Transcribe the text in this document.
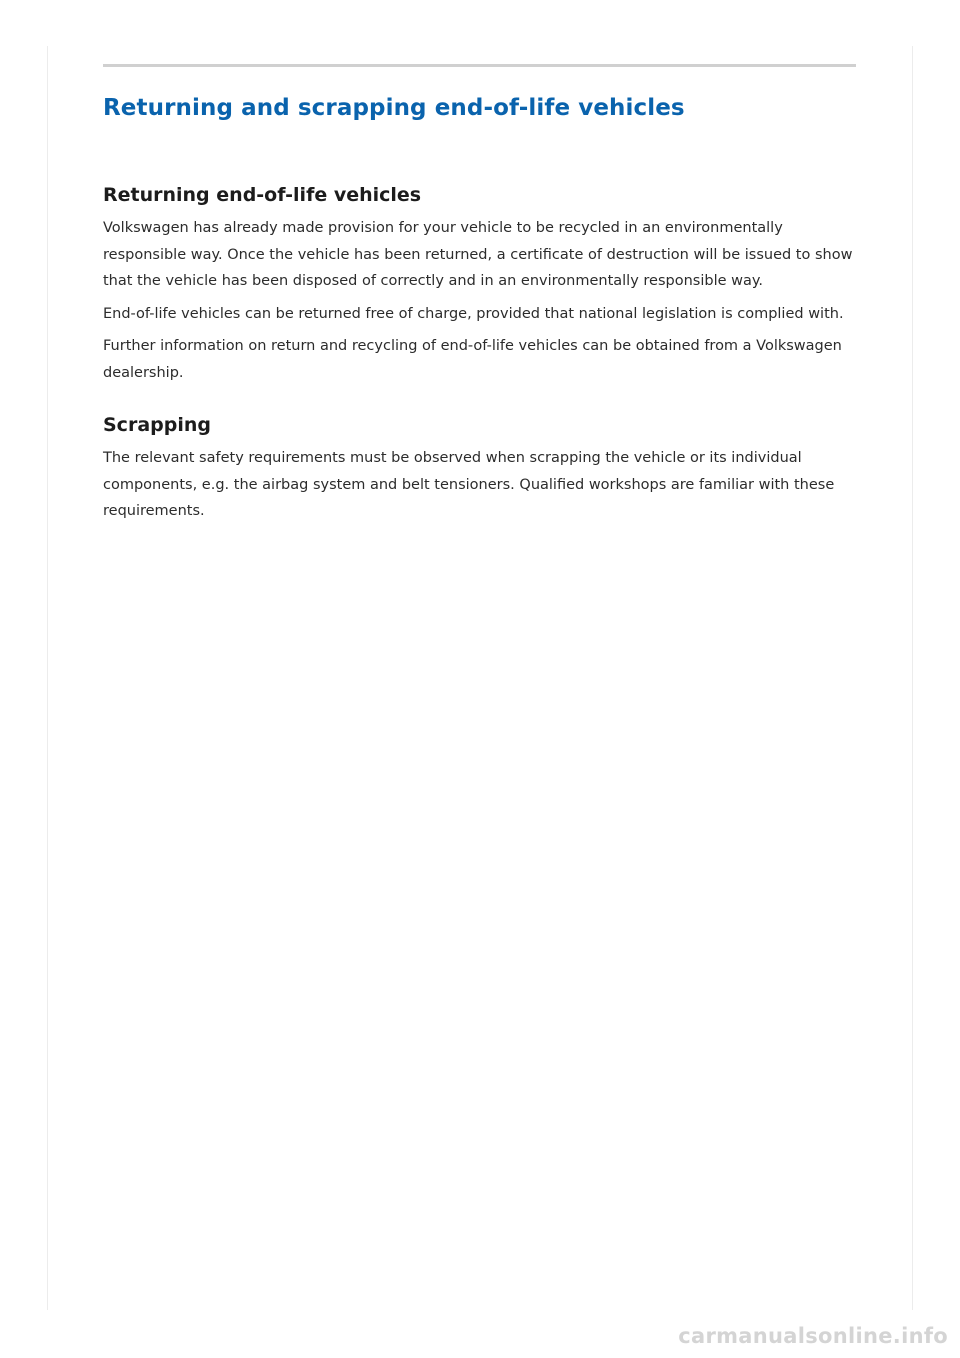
Returning and scrapping end-of-life vehicles
Returning end-of-life vehicles

Volkswagen has already made provision for your vehicle to be recycled in an environmentally responsible way. Once the vehicle has been returned, a certificate of destruction will be issued to show that the vehicle has been disposed of correctly and in an environmentally responsible way.

End-of-life vehicles can be returned free of charge, provided that national legislation is complied with.

Further information on return and recycling of end-of-life vehicles can be obtained from a Volkswagen dealership.

Scrapping

The relevant safety requirements must be observed when scrapping the vehicle or its individual components, e.g. the airbag system and belt tensioners. Qualified workshops are familiar with these requirements.

carmanualsonline.info
